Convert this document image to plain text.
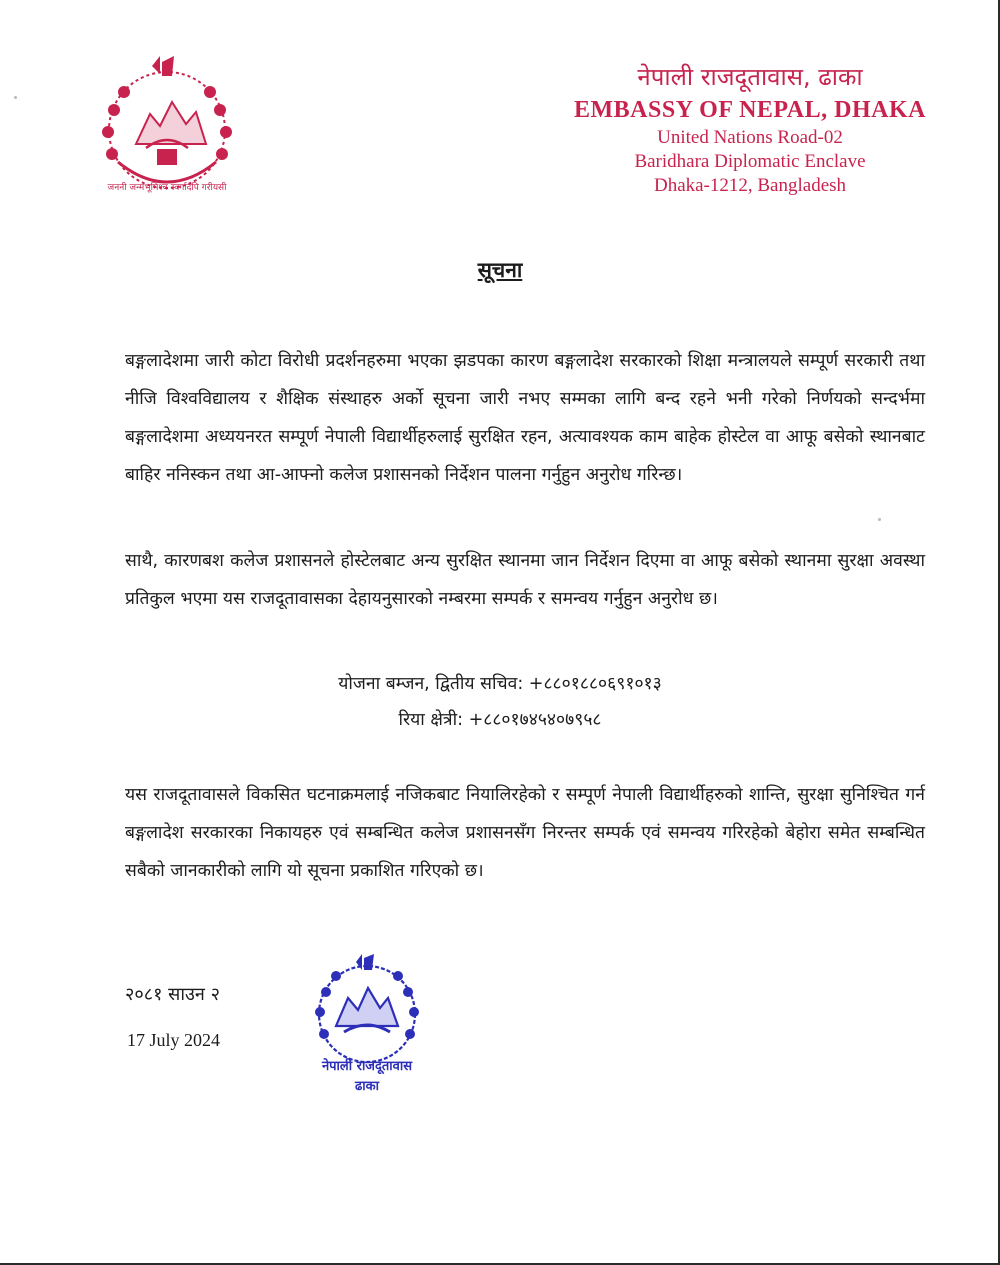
जननी जन्मभूमिश्च स्वर्गादपि गरीयसी
नेपाली राजदूतावास, ढाका
EMBASSY OF NEPAL, DHAKA
United Nations Road-02
Baridhara Diplomatic Enclave
Dhaka-1212, Bangladesh
सूचना
बङ्गलादेशमा जारी कोटा विरोधी प्रदर्शनहरुमा भएका झडपका कारण बङ्गलादेश सरकारको शिक्षा मन्त्रालयले सम्पूर्ण सरकारी तथा नीजि विश्वविद्यालय र शैक्षिक संस्थाहरु अर्को सूचना जारी नभए सम्मका लागि बन्द रहने भनी गरेको निर्णयको सन्दर्भमा बङ्गलादेशमा अध्ययनरत सम्पूर्ण नेपाली विद्यार्थीहरुलाई सुरक्षित रहन, अत्यावश्यक काम बाहेक होस्टेल वा आफू बसेको स्थानबाट बाहिर ननिस्कन तथा आ-आफ्नो कलेज प्रशासनको निर्देशन पालना गर्नुहुन अनुरोध गरिन्छ।
साथै, कारणबश कलेज प्रशासनले होस्टेलबाट अन्य सुरक्षित स्थानमा जान निर्देशन दिएमा वा आफू बसेको स्थानमा सुरक्षा अवस्था प्रतिकुल भएमा यस राजदूतावासका देहायनुसारको नम्बरमा सम्पर्क र समन्वय गर्नुहुन अनुरोध छ।
योजना बम्जन, द्वितीय सचिव: +८८०१८८०६९१०१३
रिया क्षेत्री: +८८०१७४५४०७९५८
यस राजदूतावासले विकसित घटनाक्रमलाई नजिकबाट नियालिरहेको र सम्पूर्ण नेपाली विद्यार्थीहरुको शान्ति, सुरक्षा सुनिश्चित गर्न बङ्गलादेश सरकारका निकायहरु एवं सम्बन्धित कलेज प्रशासनसँग निरन्तर सम्पर्क एवं समन्वय गरिरहेको बेहोरा समेत सम्बन्धित सबैको जानकारीको लागि यो सूचना प्रकाशित गरिएको छ।
२०८१ साउन २
17 July 2024
नेपाली राजदूतावास
ढाका
